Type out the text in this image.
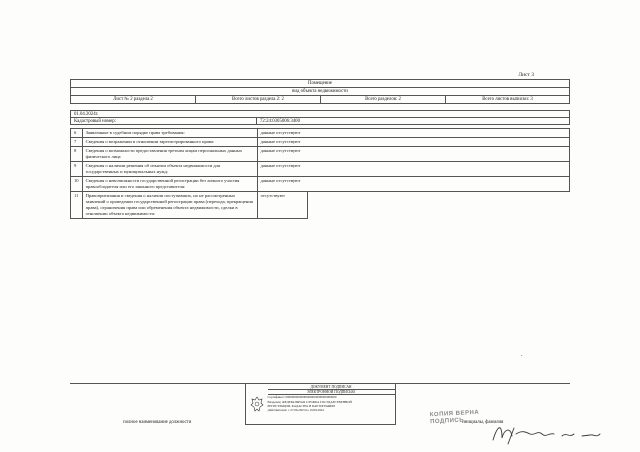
Лист 3
Помещение
вид объекта недвижимости
Лист № 2 раздела 2	Всего листов раздела 2: 2	Всего разделов: 2	Всего листов выписки: 3
01.04.2024г.
Кадастровый номер:	72:24:0305006:3400
6	Заявленные в судебном порядке права требования:	данные отсутствуют	
7	Сведения о возражении в отношении зарегистрированного права:	данные отсутствуют	
8	Сведения о возможности предоставления третьим лицам персональных данных физического лица	данные отсутствуют	
9	Сведения о наличии решения об изъятии объекта недвижимости для государственных и муниципальных нужд:	данные отсутствуют	
10	Сведения о невозможности государственной регистрации без личного участия правообладателя или его законного представителя:	данные отсутствуют	
11	Правопритязания и сведения о наличии поступивших, но не рассмотренных заявлений о проведении государственной регистрации права (перехода, прекращения права), ограничения права или обременения объекта недвижимости, сделки в отношении объекта недвижимости:	отсутствуют	
•
полное наименование должности	
ДОКУМЕНТ ПОДПИСАН
ЭЛЕКТРОННОЙ ПОДПИСЬЮ
Сертификат: 00000000000000000000000000000000
Владелец: ФЕДЕРАЛЬНАЯ СЛУЖБА ГОСУДАРСТВЕННОЙ
РЕГИСТРАЦИИ, КАДАСТРА И КАРТОГРАФИИ
Действителен: с 27.06.2023 по 19.09.2024
	инициалы, фамилия
КОПИЯ ВЕРНА
ПОДПИСЬ
